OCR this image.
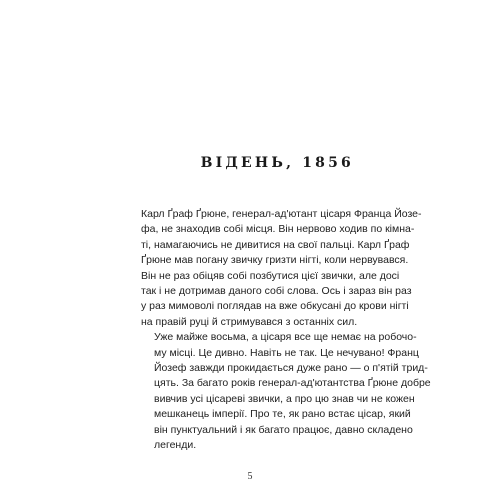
ВІДЕНЬ, 1856

Карл Ґраф Ґрюне, генерал-ад'ютант цісаря Франца Йозе-
фа, не знаходив собі місця. Він нервово ходив по кімна-
ті, намагаючись не дивитися на свої пальці. Карл Ґраф
Ґрюне мав погану звичку гризти нігті, коли нервувався.
Він не раз обіцяв собі позбутися цієї звички, але досі
так і не дотримав даного собі слова. Ось і зараз він раз
у раз мимоволі поглядав на вже обкусані до крови нігті
на правій руці й стримувався з останніх сил.

Уже майже восьма, а цісаря все ще немає на робочо-
му місці. Це дивно. Навіть не так. Це нечувано! Франц
Йозеф завжди прокидається дуже рано — о п'ятій трид-
цять. За багато років генерал-ад'ютантства Ґрюне добре
вивчив усі цісареві звички, а про цю знав чи не кожен
мешканець імперії. Про те, як рано встає цісар, який
він пунктуальний і як багато працює, давно складено
легенди.

5
